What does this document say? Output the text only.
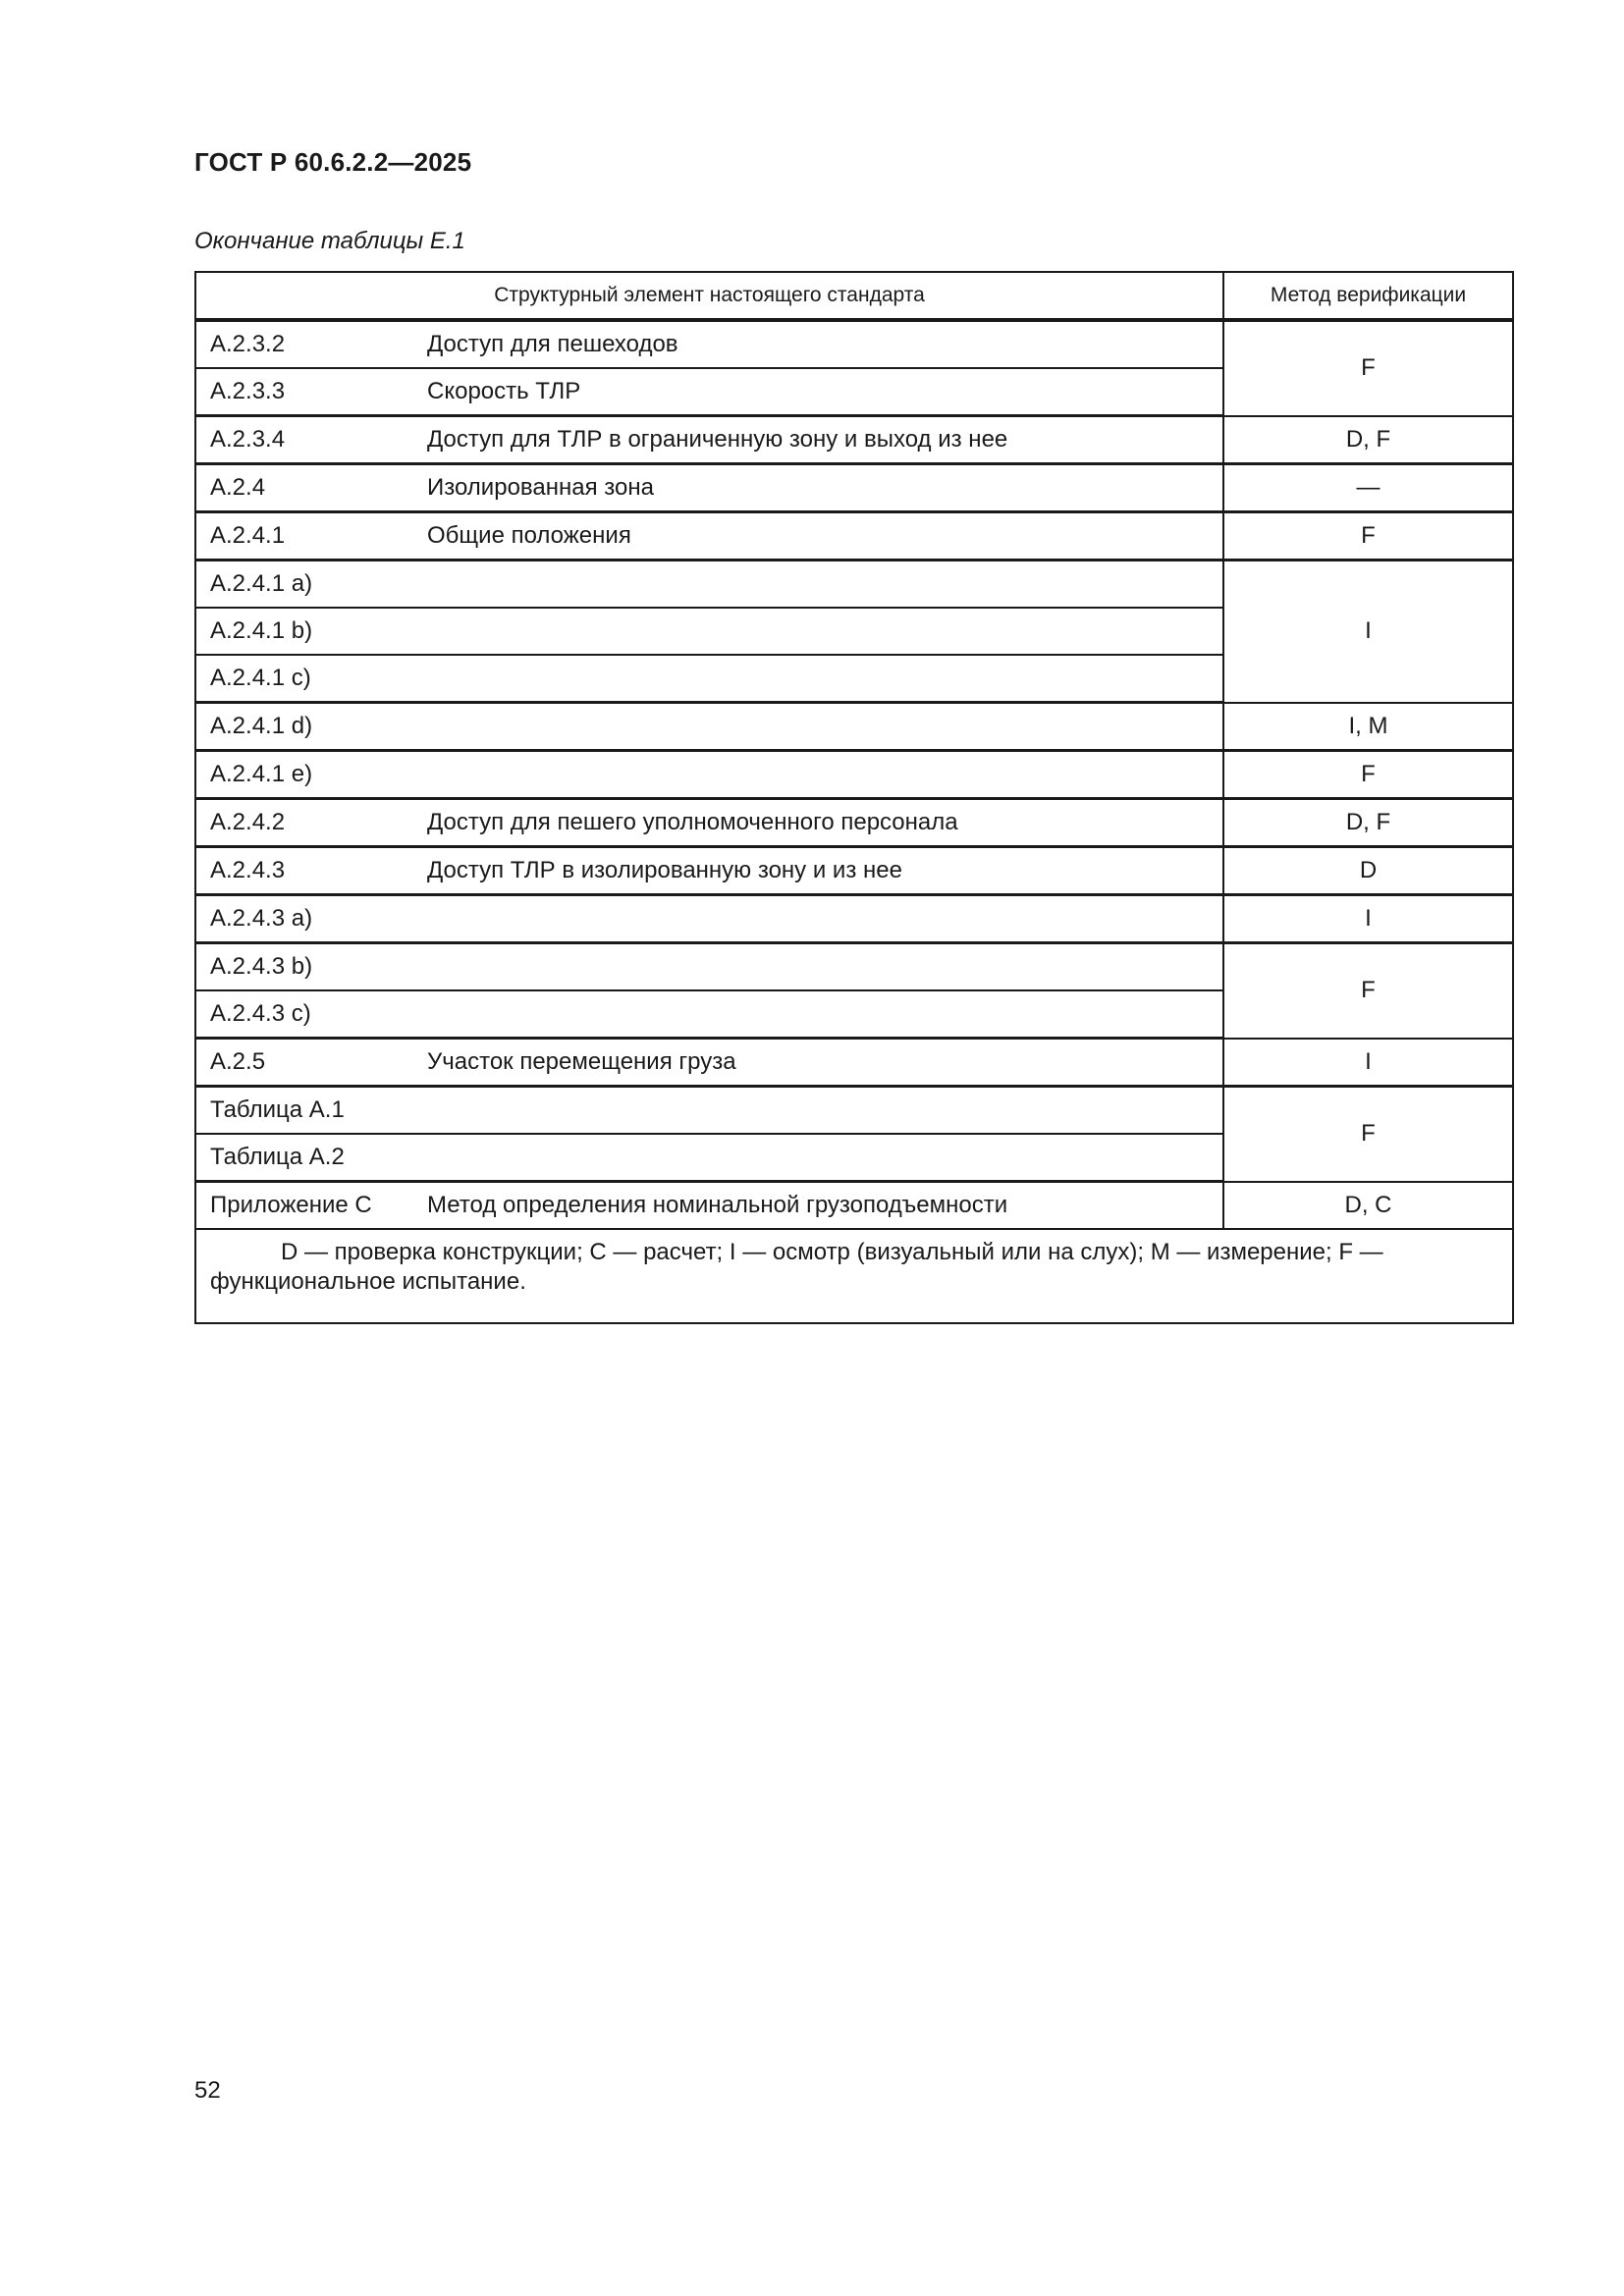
ГОСТ Р 60.6.2.2—2025
Окончание таблицы Е.1
Структурный элемент настоящего стандарта		Метод верификации
А.2.3.2	Доступ для пешеходов	F
А.2.3.3	Скорость ТЛР	
А.2.3.4	Доступ для ТЛР в ограниченную зону и выход из нее	D, F
А.2.4	Изолированная зона	—
А.2.4.1	Общие положения	F
А.2.4.1 a)		I
А.2.4.1 b)		
А.2.4.1 c)		
А.2.4.1 d)		I, M
А.2.4.1 e)		F
А.2.4.2	Доступ для пешего уполномоченного персонала	D, F
А.2.4.3	Доступ ТЛР в изолированную зону и из нее	D
А.2.4.3 a)		I
А.2.4.3 b)		F
А.2.4.3 c)		
А.2.5	Участок перемещения груза	I
Таблица А.1		F
Таблица А.2		
Приложение С	Метод определения номинальной грузоподъемности	D, C
D — проверка конструкции; C — расчет; I — осмотр (визуальный или на слух); M — измерение; F — функциональное испытание.		
52
